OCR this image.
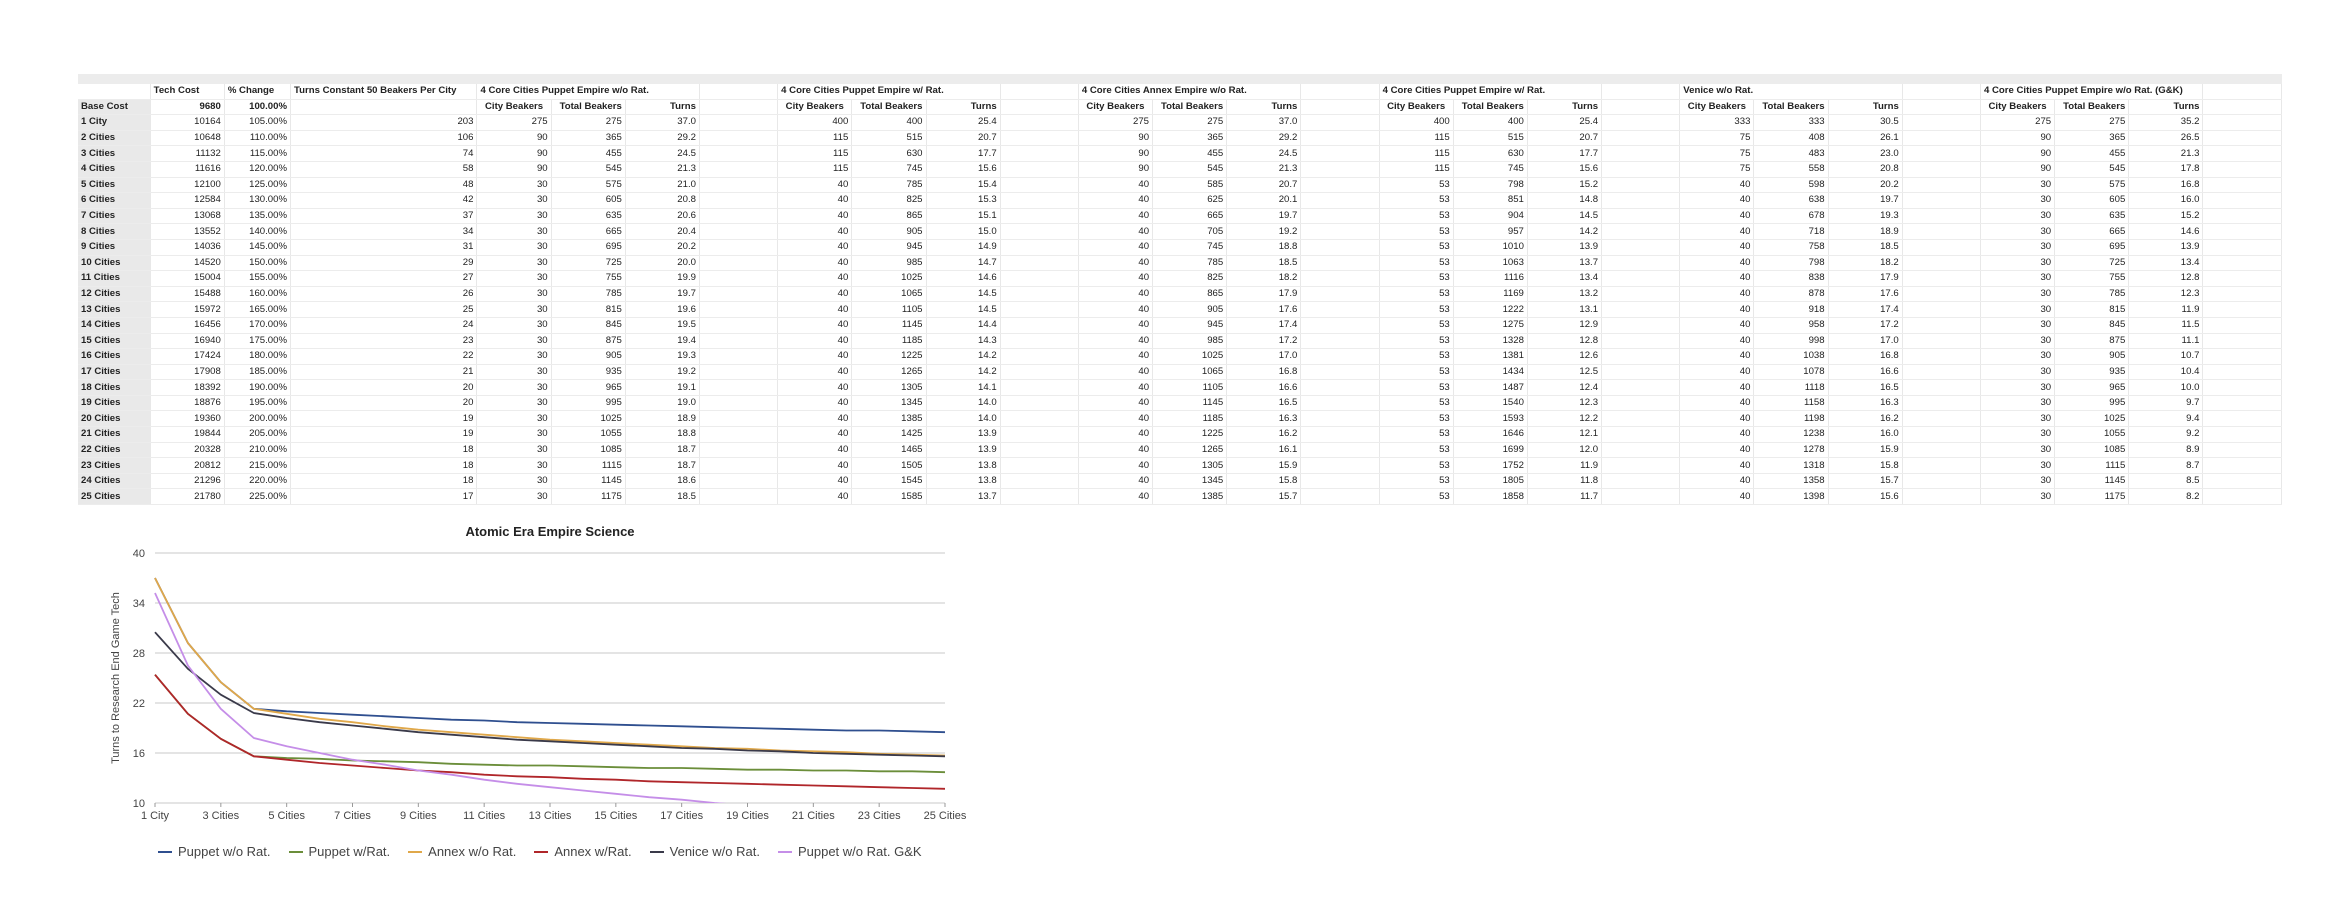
	Tech Cost	% Change	Turns Constant 50 Beakers Per City	4 Core Cities Puppet Empire w/o Rat.				4 Core Cities Puppet Empire w/ Rat.				4 Core Cities Annex Empire w/o Rat.				4 Core Cities Puppet Empire w/ Rat.				Venice w/o Rat.				4 Core Cities Puppet Empire w/o Rat. (G&K)			
Base Cost	9680	100.00%		City Beakers	Total Beakers	Turns		City Beakers	Total Beakers	Turns		City Beakers	Total Beakers	Turns		City Beakers	Total Beakers	Turns		City Beakers	Total Beakers	Turns		City Beakers	Total Beakers	Turns	
1 City	10164	105.00%	203	275	275	37.0		400	400	25.4		275	275	37.0		400	400	25.4		333	333	30.5		275	275	35.2	
2 Cities	10648	110.00%	106	90	365	29.2		115	515	20.7		90	365	29.2		115	515	20.7		75	408	26.1		90	365	26.5	
3 Cities	11132	115.00%	74	90	455	24.5		115	630	17.7		90	455	24.5		115	630	17.7		75	483	23.0		90	455	21.3	
4 Cities	11616	120.00%	58	90	545	21.3		115	745	15.6		90	545	21.3		115	745	15.6		75	558	20.8		90	545	17.8	
5 Cities	12100	125.00%	48	30	575	21.0		40	785	15.4		40	585	20.7		53	798	15.2		40	598	20.2		30	575	16.8	
6 Cities	12584	130.00%	42	30	605	20.8		40	825	15.3		40	625	20.1		53	851	14.8		40	638	19.7		30	605	16.0	
7 Cities	13068	135.00%	37	30	635	20.6		40	865	15.1		40	665	19.7		53	904	14.5		40	678	19.3		30	635	15.2	
8 Cities	13552	140.00%	34	30	665	20.4		40	905	15.0		40	705	19.2		53	957	14.2		40	718	18.9		30	665	14.6	
9 Cities	14036	145.00%	31	30	695	20.2		40	945	14.9		40	745	18.8		53	1010	13.9		40	758	18.5		30	695	13.9	
10 Cities	14520	150.00%	29	30	725	20.0		40	985	14.7		40	785	18.5		53	1063	13.7		40	798	18.2		30	725	13.4	
11 Cities	15004	155.00%	27	30	755	19.9		40	1025	14.6		40	825	18.2		53	1116	13.4		40	838	17.9		30	755	12.8	
12 Cities	15488	160.00%	26	30	785	19.7		40	1065	14.5		40	865	17.9		53	1169	13.2		40	878	17.6		30	785	12.3	
13 Cities	15972	165.00%	25	30	815	19.6		40	1105	14.5		40	905	17.6		53	1222	13.1		40	918	17.4		30	815	11.9	
14 Cities	16456	170.00%	24	30	845	19.5		40	1145	14.4		40	945	17.4		53	1275	12.9		40	958	17.2		30	845	11.5	
15 Cities	16940	175.00%	23	30	875	19.4		40	1185	14.3		40	985	17.2		53	1328	12.8		40	998	17.0		30	875	11.1	
16 Cities	17424	180.00%	22	30	905	19.3		40	1225	14.2		40	1025	17.0		53	1381	12.6		40	1038	16.8		30	905	10.7	
17 Cities	17908	185.00%	21	30	935	19.2		40	1265	14.2		40	1065	16.8		53	1434	12.5		40	1078	16.6		30	935	10.4	
18 Cities	18392	190.00%	20	30	965	19.1		40	1305	14.1		40	1105	16.6		53	1487	12.4		40	1118	16.5		30	965	10.0	
19 Cities	18876	195.00%	20	30	995	19.0		40	1345	14.0		40	1145	16.5		53	1540	12.3		40	1158	16.3		30	995	9.7	
20 Cities	19360	200.00%	19	30	1025	18.9		40	1385	14.0		40	1185	16.3		53	1593	12.2		40	1198	16.2		30	1025	9.4	
21 Cities	19844	205.00%	19	30	1055	18.8		40	1425	13.9		40	1225	16.2		53	1646	12.1		40	1238	16.0		30	1055	9.2	
22 Cities	20328	210.00%	18	30	1085	18.7		40	1465	13.9		40	1265	16.1		53	1699	12.0		40	1278	15.9		30	1085	8.9	
23 Cities	20812	215.00%	18	30	1115	18.7		40	1505	13.8		40	1305	15.9		53	1752	11.9		40	1318	15.8		30	1115	8.7	
24 Cities	21296	220.00%	18	30	1145	18.6		40	1545	13.8		40	1345	15.8		53	1805	11.8		40	1358	15.7		30	1145	8.5	
25 Cities	21780	225.00%	17	30	1175	18.5		40	1585	13.7		40	1385	15.7		53	1858	11.7		40	1398	15.6		30	1175	8.2	
Atomic Era Empire Science
40
34
28
22
16
10
1 City	3 Cities	5 Cities	7 Cities	9 Cities 11 Cities 13 Cities 15 Cities 17 Cities 19 Cities 21 Cities 23 Cities 25 Cities
Turns to Research End Game Tech
Puppet w/o Rat.	Puppet w/Rat.	Annex w/o Rat.	Annex w/Rat.	Venice w/o Rat.	Puppet w/o Rat. G&K
